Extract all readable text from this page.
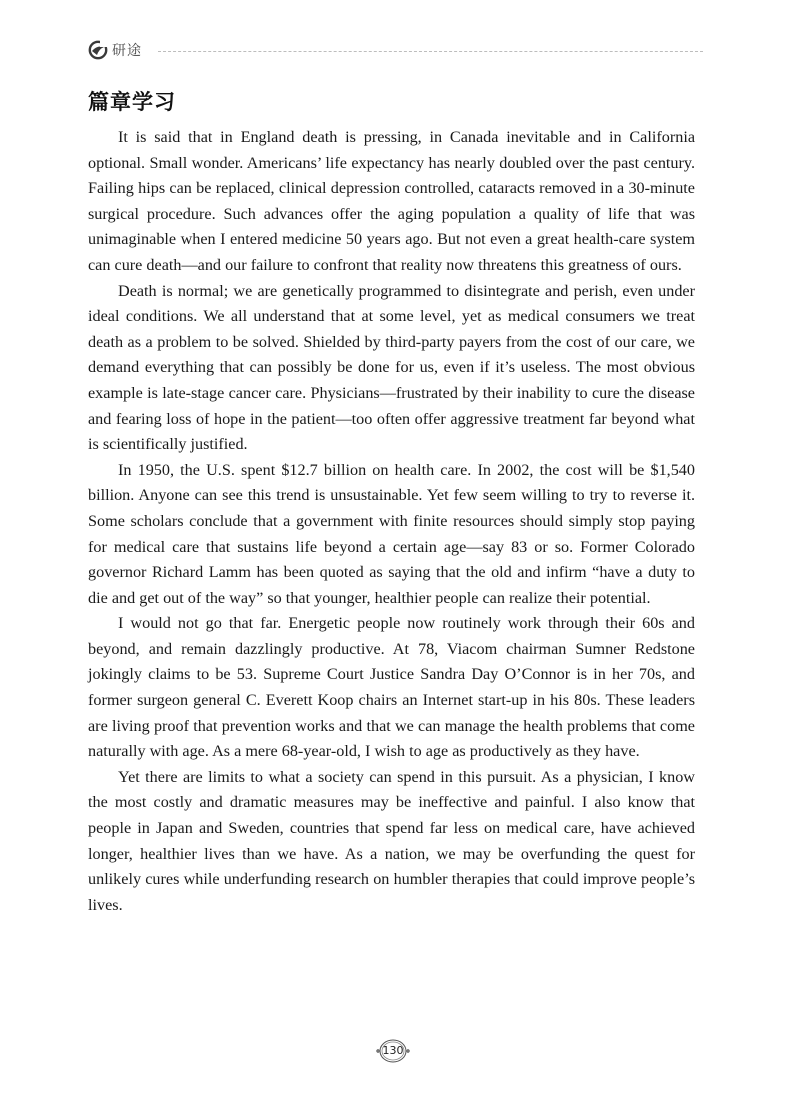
研途
篇章学习

It is said that in England death is pressing, in Canada inevitable and in California optional. Small wonder. Americans’ life expectancy has nearly doubled over the past century. Failing hips can be replaced, clinical depression controlled, cataracts removed in a 30-minute surgical procedure. Such advances offer the aging population a quality of life that was unimaginable when I entered medicine 50 years ago. But not even a great health-care system can cure death—and our failure to confront that reality now threatens this greatness of ours.

Death is normal; we are genetically programmed to disintegrate and perish, even under ideal conditions. We all understand that at some level, yet as medical consumers we treat death as a problem to be solved. Shielded by third-party payers from the cost of our care, we demand everything that can possibly be done for us, even if it’s useless. The most obvious example is late-stage cancer care. Physicians—frustrated by their inability to cure the disease and fearing loss of hope in the patient—too often offer aggressive treatment far beyond what is scientifically justified.

In 1950, the U.S. spent $12.7 billion on health care. In 2002, the cost will be $1,540 billion. Anyone can see this trend is unsustainable. Yet few seem willing to try to reverse it. Some scholars conclude that a government with finite resources should simply stop paying for medical care that sustains life beyond a certain age—say 83 or so. Former Colorado governor Richard Lamm has been quoted as saying that the old and infirm “have a duty to die and get out of the way” so that younger, healthier people can realize their potential.

I would not go that far. Energetic people now routinely work through their 60s and beyond, and remain dazzlingly productive. At 78, Viacom chairman Sumner Redstone jokingly claims to be 53. Supreme Court Justice Sandra Day O’Connor is in her 70s, and former surgeon general C. Everett Koop chairs an Internet start-up in his 80s. These leaders are living proof that prevention works and that we can manage the health problems that come naturally with age. As a mere 68-year-old, I wish to age as productively as they have.

Yet there are limits to what a society can spend in this pursuit. As a physician, I know the most costly and dramatic measures may be ineffective and painful. I also know that people in Japan and Sweden, countries that spend far less on medical care, have achieved longer, healthier lives than we have. As a nation, we may be overfunding the quest for unlikely cures while underfunding research on humbler therapies that could improve people’s lives.

130
